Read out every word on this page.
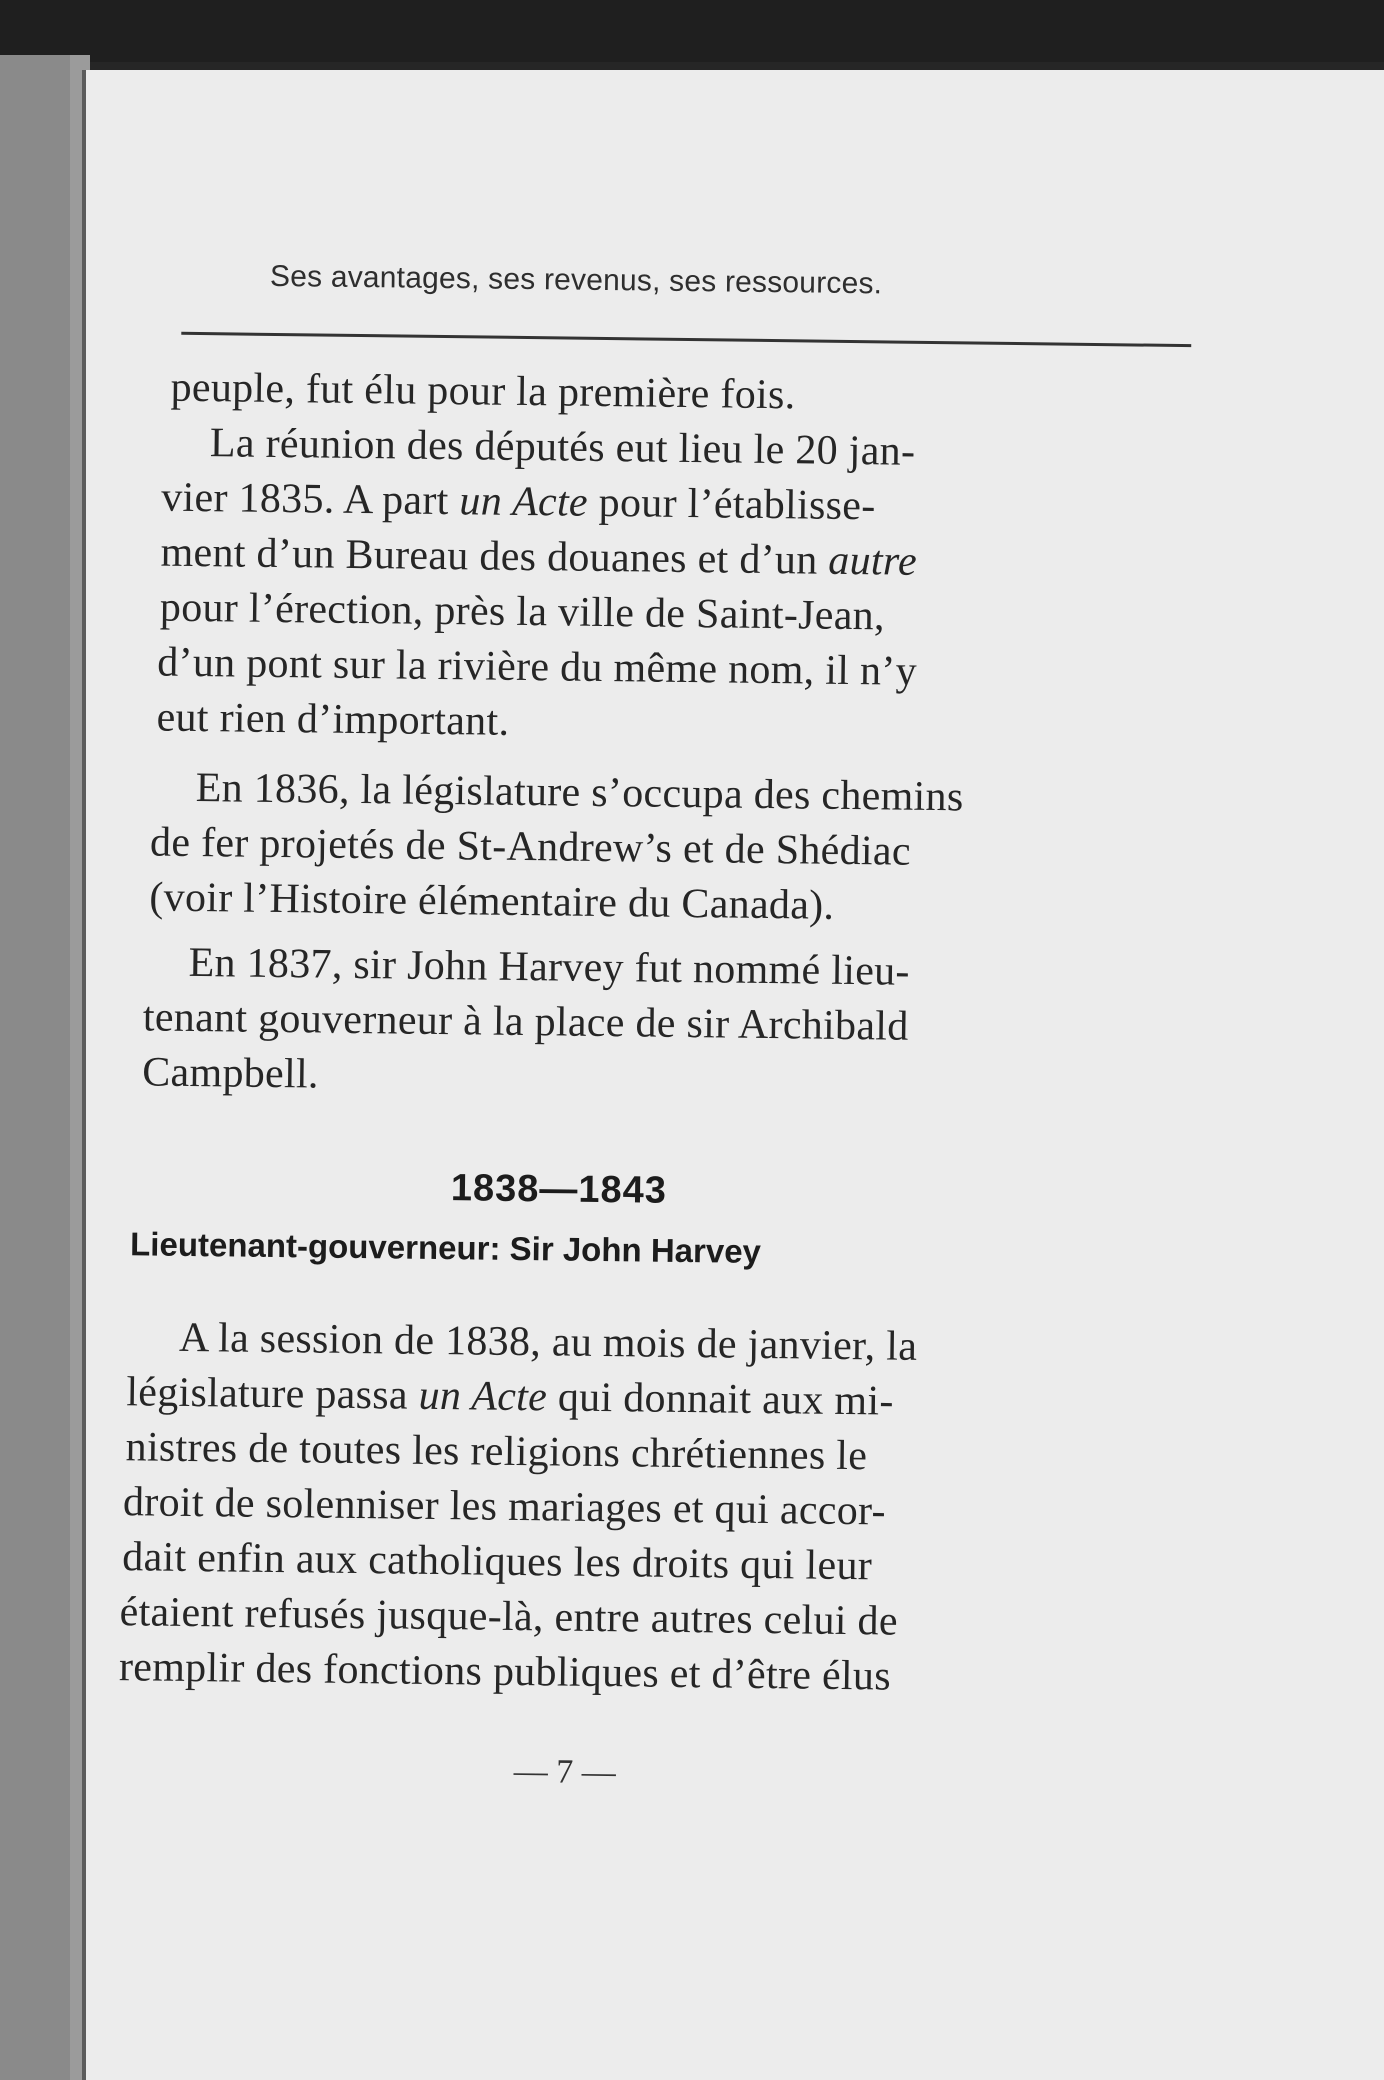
Ses avantages, ses revenus, ses ressources.
peuple, fut élu pour la première fois.
La réunion des députés eut lieu le 20 jan-
vier 1835. A part un Acte pour l’établisse-
ment d’un Bureau des douanes et d’un autre
pour l’érection, près la ville de Saint-Jean,
d’un pont sur la rivière du même nom, il n’y
eut rien d’important.
En 1836, la législature s’occupa des chemins
de fer projetés de St-Andrew’s et de Shédiac
(voir l’Histoire élémentaire du Canada).
En 1837, sir John Harvey fut nommé lieu-
tenant gouverneur à la place de sir Archibald
Campbell.
1838—1843
Lieutenant-gouverneur: Sir John Harvey
A la session de 1838, au mois de janvier, la
législature passa un Acte qui donnait aux mi-
nistres de toutes les religions chrétiennes le
droit de solenniser les mariages et qui accor-
dait enfin aux catholiques les droits qui leur
étaient refusés jusque-là, entre autres celui de
remplir des fonctions publiques et d’être élus
— 7 —
